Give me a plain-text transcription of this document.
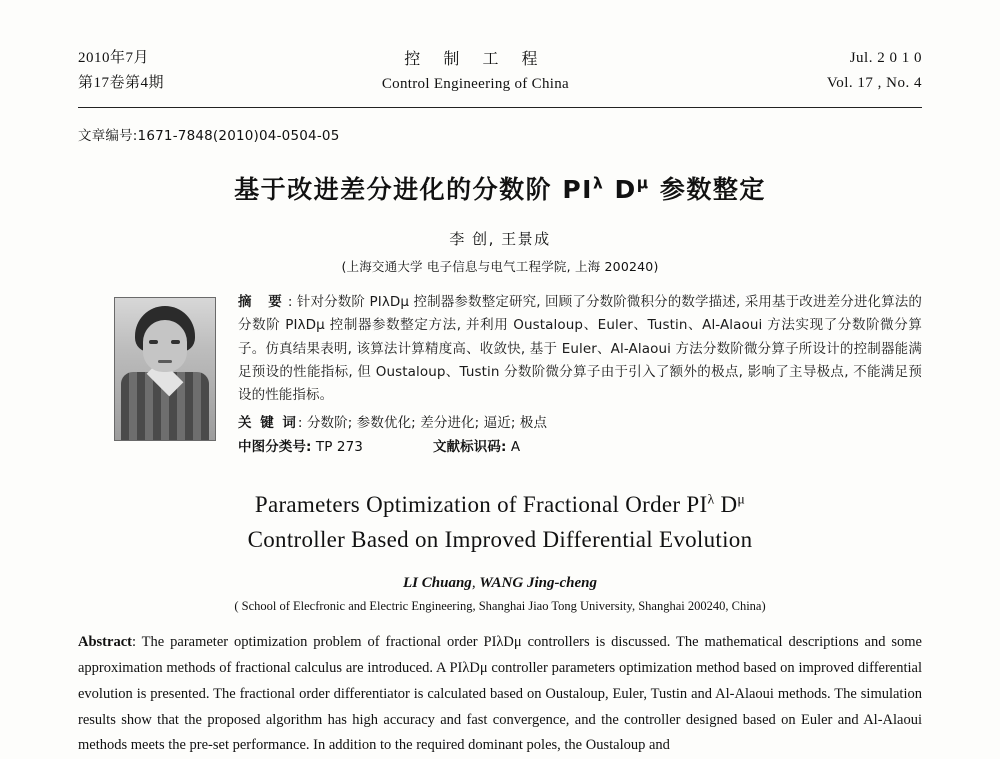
2010年7月
第17卷第4期
控 制 工 程
Control Engineering of China
Jul. 2 0 1 0
Vol. 17 , No. 4
文章编号:1671-7848(2010)04-0504-05
基于改进差分进化的分数阶 $PI^\lambda$ $D^\mu$ 参数整定
李 创, 王景成
(上海交通大学 电子信息与电气工程学院, 上海 200240)
摘 要: 针对分数阶 PIλDμ 控制器参数整定研究, 回顾了分数阶微积分的数学描述, 采用基于改进差分进化算法的分数阶 PIλDμ 控制器参数整定方法, 并利用 Oustaloup、Euler、Tustin、Al-Alaoui 方法实现了分数阶微分算子。仿真结果表明, 该算法计算精度高、收敛快, 基于 Euler、Al-Alaoui 方法分数阶微分算子所设计的控制器能满足预设的性能指标, 但 Oustaloup、Tustin 分数阶微分算子由于引入了额外的极点, 影响了主导极点, 不能满足预设的性能指标。
关 键 词: 分数阶; 参数优化; 差分进化; 逼近; 极点
中图分类号: TP 273	文献标识码: A
Parameters Optimization of Fractional Order $PI^\lambda$ $D^\mu$
Controller Based on Improved Differential Evolution
LI Chuang, WANG Jing-cheng
( School of Elecfronic and Electric Engineering, Shanghai Jiao Tong University, Shanghai 200240, China)
Abstract: The parameter optimization problem of fractional order PIλDμ controllers is discussed. The mathematical descriptions and some approximation methods of fractional calculus are introduced. A PIλDμ controller parameters optimization method based on improved differential evolution is presented. The fractional order differentiator is calculated based on Oustaloup, Euler, Tustin and Al-Alaoui methods. The simulation results show that the proposed algorithm has high accuracy and fast convergence, and the controller designed based on Euler and Al-Alaoui methods meets the pre-set performance. In addition to the required dominant poles, the Oustaloup and
